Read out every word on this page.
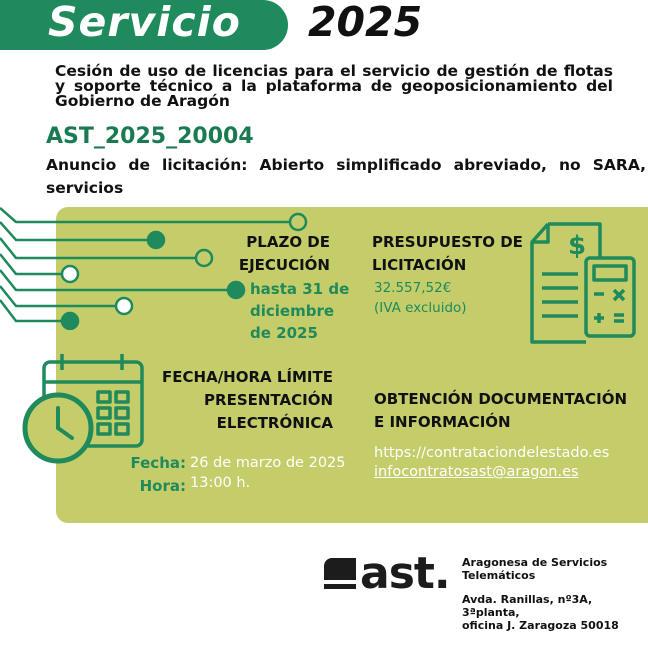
Servicio 2025
Cesión de uso de licencias para el servicio de gestión de flotas y soporte técnico a la plataforma de geoposicionamiento del Gobierno de Aragón
AST_2025_20004
Anuncio de licitación: Abierto simplificado abreviado, no SARA, servicios
PLAZO DE
EJECUCIÓN
hasta 31 de
diciembre
de 2025
PRESUPUESTO DE
LICITACIÓN
32.557,52€
(IVA excluido)
$
FECHA/HORA LÍMITE
PRESENTACIÓN
ELECTRÓNICA
Fecha:
Hora:
26 de marzo de 2025
13:00 h.
OBTENCIÓN DOCUMENTACIÓN
E INFORMACIÓN
https://contrataciondelestado.es
infocontratosast@aragon.es
ast. Aragonesa de Servicios
Telemáticos
Avda. Ranillas, nº3A, 3ªplanta,
oficina J. Zaragoza 50018
